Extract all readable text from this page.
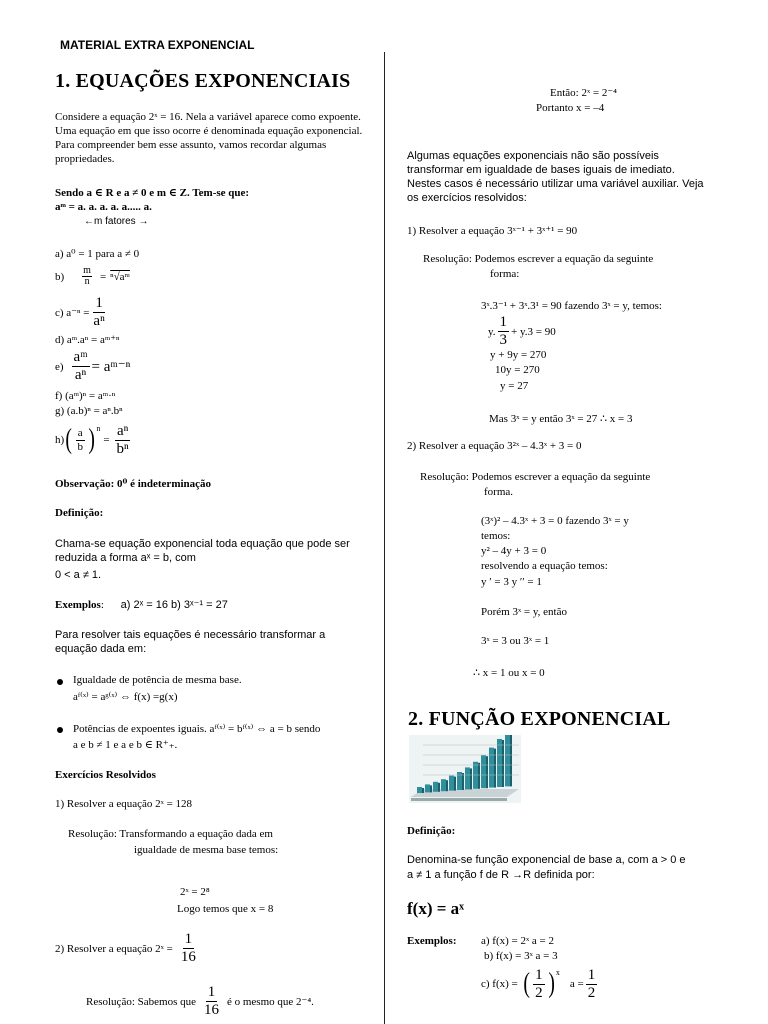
MATERIAL EXTRA EXPONENCIAL
1. EQUAÇÕES EXPONENCIAIS
Considere a equação 2ˣ = 16. Nela a variável aparece como expoente. Uma equação em que isso ocorre é denominada equação exponencial. Para compreender bem esse assunto, vamos recordar algumas propriedades.
Sendo a ∈ R e a ≠ 0 e m ∈ Z. Tem-se que:
aᵐ = a. a. a. a. a..... a.
←m fatores →
a) a⁰ = 1 para a ≠ 0
$b) \frac{m}{n}$ = ⁿ√aᵐ
c) $a^{-n} = \frac{1}{\text{aⁿ}}$
d) aᵐ.aⁿ = aᵐ⁺ⁿ
$e) \frac{\text{aᵐ}}{\text{aⁿ}}$ = aᵐ⁻ⁿ
f) (aᵐ)ⁿ = aᵐ·ⁿ
g) (a.b)ⁿ = aⁿ.bⁿ
h) ( $\frac{a}{b}$ ) n
= $\frac{\text{aⁿ}}{\text{bⁿ}}$
Observação: 0⁰ é indeterminação
Definição:
Chama-se equação exponencial toda equação que pode ser reduzida a forma aˣ = b, com
0 < a ≠ 1.
Exemplos: a) 2ˣ = 16 b) 3ˣ⁻¹ = 27
Para resolver tais equações é necessário transformar a equação dada em:
Igualdade de potência de mesma base.
aᶠ⁽ˣ⁾ = aᵍ⁽ˣ⁾ ⇔ f(x) =g(x)
Potências de expoentes iguais. aᶠ⁽ˣ⁾ = bᶠ⁽ˣ⁾ ⇔ a = b sendo
a e b ≠ 1 e a e b ∈ R⁺₊.
Exercícios Resolvidos
1) Resolver a equação 2ˣ = 128
Resolução: Transformando a equação dada em
igualdade de mesma base temos:
2ˣ = 2⁸
Logo temos que x = 8
2) Resolver a equação 2ˣ = $\frac{1}{16}$
Resolução: Sabemos que $\frac{1}{16}$ é o mesmo que 2⁻⁴.
Então: 2ˣ = 2⁻⁴
Portanto x = –4
Algumas equações exponenciais não são possíveis transformar em igualdade de bases iguais de imediato. Nestes casos é necessário utilizar uma variável auxiliar. Veja os exercícios resolvidos:
1) Resolver a equação 3ˣ⁻¹ + 3ˣ⁺¹ = 90
Resolução: Podemos escrever a equação da seguinte
forma:
3ˣ.3⁻¹ + 3ˣ.3¹ = 90 fazendo 3ˣ = y, temos:
y. $\frac{1}{3} + y.3 = 90$
y + 9y = 270
10y = 270
y = 27
Mas 3ˣ = y então 3ˣ = 27 ∴ x = 3
2) Resolver a equação 3²ˣ – 4.3ˣ + 3 = 0
Resolução: Podemos escrever a equação da seguinte
forma.
(3ˣ)² – 4.3ˣ + 3 = 0 fazendo 3ˣ = y
temos:
y² – 4y + 3 = 0
resolvendo a equação temos:
y ′ = 3 y ′′ = 1
Porém 3ˣ = y, então
3ˣ = 3 ou 3ˣ = 1
∴ x = 1 ou x = 0
2. FUNÇÃO EXPONENCIAL
Definição:
Denomina-se função exponencial de base a, com a > 0 e
a ≠ 1 a função f de R →R definida por:
f(x) = aˣ
Exemplos: a) f(x) = 2ˣ a = 2
b) f(x) = 3ˣ a = 3
c) f(x) = ( $\frac{1}{2}$ ) x
$a = \frac{1}{2}$
